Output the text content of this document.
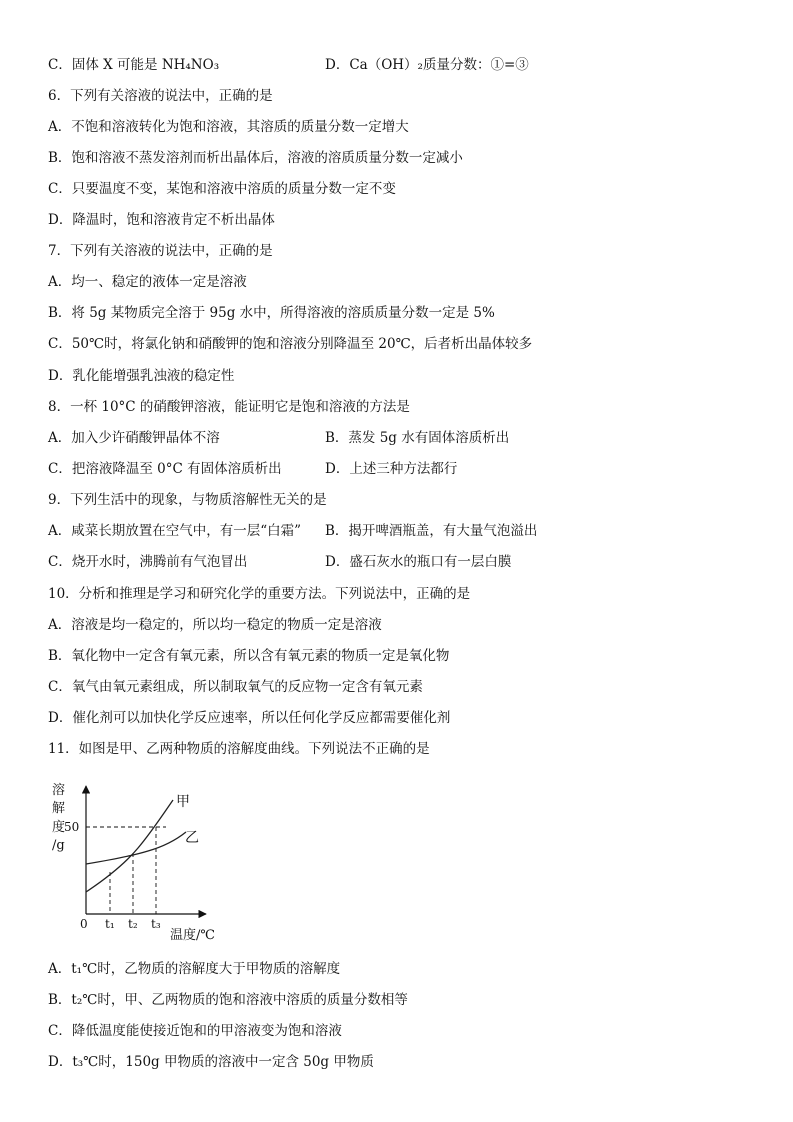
C．固体 X 可能是 NH₄NO₃	D．Ca（OH）₂质量分数：①=③
6．下列有关溶液的说法中，正确的是
A．不饱和溶液转化为饱和溶液，其溶质的质量分数一定增大
B．饱和溶液不蒸发溶剂而析出晶体后，溶液的溶质质量分数一定减小
C．只要温度不变，某饱和溶液中溶质的质量分数一定不变
D．降温时，饱和溶液肯定不析出晶体
7．下列有关溶液的说法中，正确的是
A．均一、稳定的液体一定是溶液
B．将 5g 某物质完全溶于 95g 水中，所得溶液的溶质质量分数一定是 5%
C．50℃时，将氯化钠和硝酸钾的饱和溶液分别降温至 20℃，后者析出晶体较多
D．乳化能增强乳浊液的稳定性
8．一杯 10°C 的硝酸钾溶液，能证明它是饱和溶液的方法是
A．加入少许硝酸钾晶体不溶	B．蒸发 5g 水有固体溶质析出
C．把溶液降温至 0°C 有固体溶质析出	D．上述三种方法都行
9．下列生活中的现象，与物质溶解性无关的是
A．咸菜长期放置在空气中，有一层“白霜” B．揭开啤酒瓶盖，有大量气泡溢出
C．烧开水时，沸腾前有气泡冒出	D．盛石灰水的瓶口有一层白膜
10．分析和推理是学习和研究化学的重要方法。下列说法中，正确的是
A．溶液是均一稳定的，所以均一稳定的物质一定是溶液
B．氧化物中一定含有氧元素，所以含有氧元素的物质一定是氧化物
C．氧气由氧元素组成，所以制取氧气的反应物一定含有氧元素
D．催化剂可以加快化学反应速率，所以任何化学反应都需要催化剂
11．如图是甲、乙两种物质的溶解度曲线。下列说法不正确的是
溶
解
度
/g
50
0 t₁ t₂ t₃
温度/℃
甲
乙
A．t₁℃时，乙物质的溶解度大于甲物质的溶解度
B．t₂℃时，甲、乙两物质的饱和溶液中溶质的质量分数相等
C．降低温度能使接近饱和的甲溶液变为饱和溶液
D．t₃℃时，150g 甲物质的溶液中一定含 50g 甲物质
